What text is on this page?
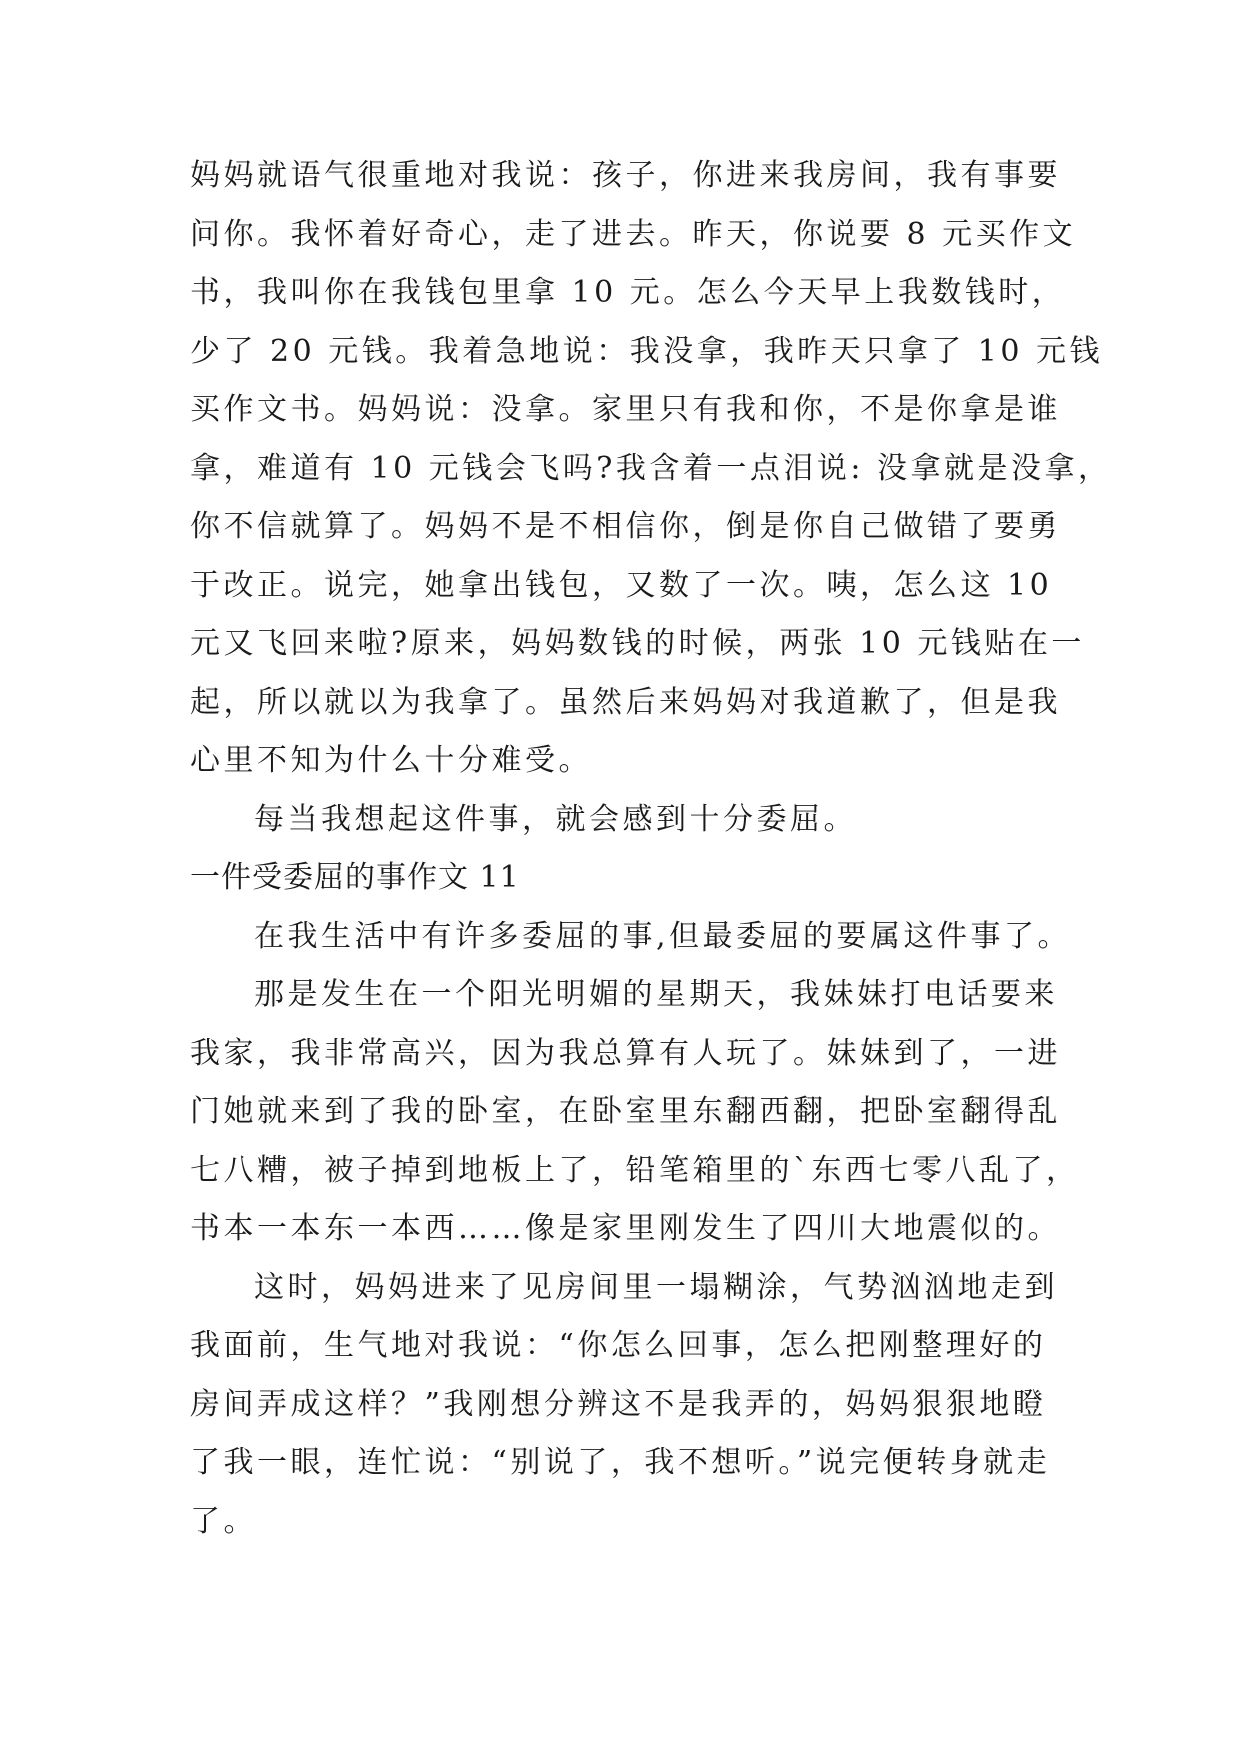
妈妈就语气很重地对我说：孩子，你进来我房间，我有事要
问你。我怀着好奇心，走了进去。昨天，你说要 8 元买作文
书，我叫你在我钱包里拿 10 元。怎么今天早上我数钱时，
少了 20 元钱。我着急地说：我没拿，我昨天只拿了 10 元钱
买作文书。妈妈说：没拿。家里只有我和你，不是你拿是谁
拿，难道有 10 元钱会飞吗?我含着一点泪说: 没拿就是没拿，
你不信就算了。妈妈不是不相信你，倒是你自己做错了要勇
于改正。说完，她拿出钱包，又数了一次。咦，怎么这 10
元又飞回来啦?原来，妈妈数钱的时候，两张 10 元钱贴在一
起，所以就以为我拿了。虽然后来妈妈对我道歉了，但是我
心里不知为什么十分难受。
每当我想起这件事，就会感到十分委屈。
一件受委屈的事作文 11
在我生活中有许多委屈的事,但最委屈的要属这件事了。
那是发生在一个阳光明媚的星期天，我妹妹打电话要来
我家，我非常高兴，因为我总算有人玩了。妹妹到了，一进
门她就来到了我的卧室，在卧室里东翻西翻，把卧室翻得乱
七八糟，被子掉到地板上了，铅笔箱里的`东西七零八乱了，
书本一本东一本西……像是家里刚发生了四川大地震似的。
这时，妈妈进来了见房间里一塌糊涂，气势汹汹地走到
我面前，生气地对我说：“你怎么回事，怎么把刚整理好的
房间弄成这样？”我刚想分辨这不是我弄的，妈妈狠狠地瞪
了我一眼，连忙说：“别说了，我不想听。”说完便转身就走
了。
